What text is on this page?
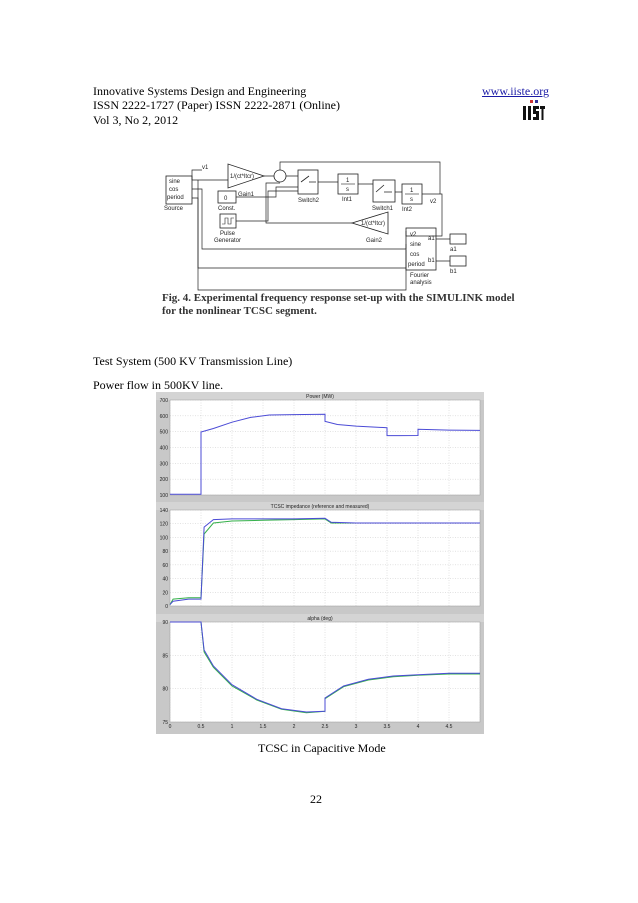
Innovative Systems Design and Engineering
ISSN 2222-1727 (Paper) ISSN 2222-2871 (Online)
Vol 3, No 2, 2012
www.iiste.org
sine
cos
period
Source
v1
1/(ct*ltcr)
Gain1
Switch2
1
s
Int1
Switch1
1
s
Int2
v2
0
Const.
Pulse
Generator
1/(ct*ltcr)
Gain2
v2
sine
cos
period
a1
b1
Fourier
analysis
a1
b1
Fig. 4. Experimental frequency response set-up with the SIMULINK model
for the nonlinear TCSC segment.
Test System (500 KV Transmission Line)
Power flow in 500KV line.
Power (MW)
100
200
300
400
500
600
700
TCSC impedance (reference and measured)
0
20
40
60
80
100
120
140
alpha (deg)
75
80
85
90
0	0.5	1	1.5	2	2.5	3	3.5	4	4.5
TCSC in Capacitive Mode
22
